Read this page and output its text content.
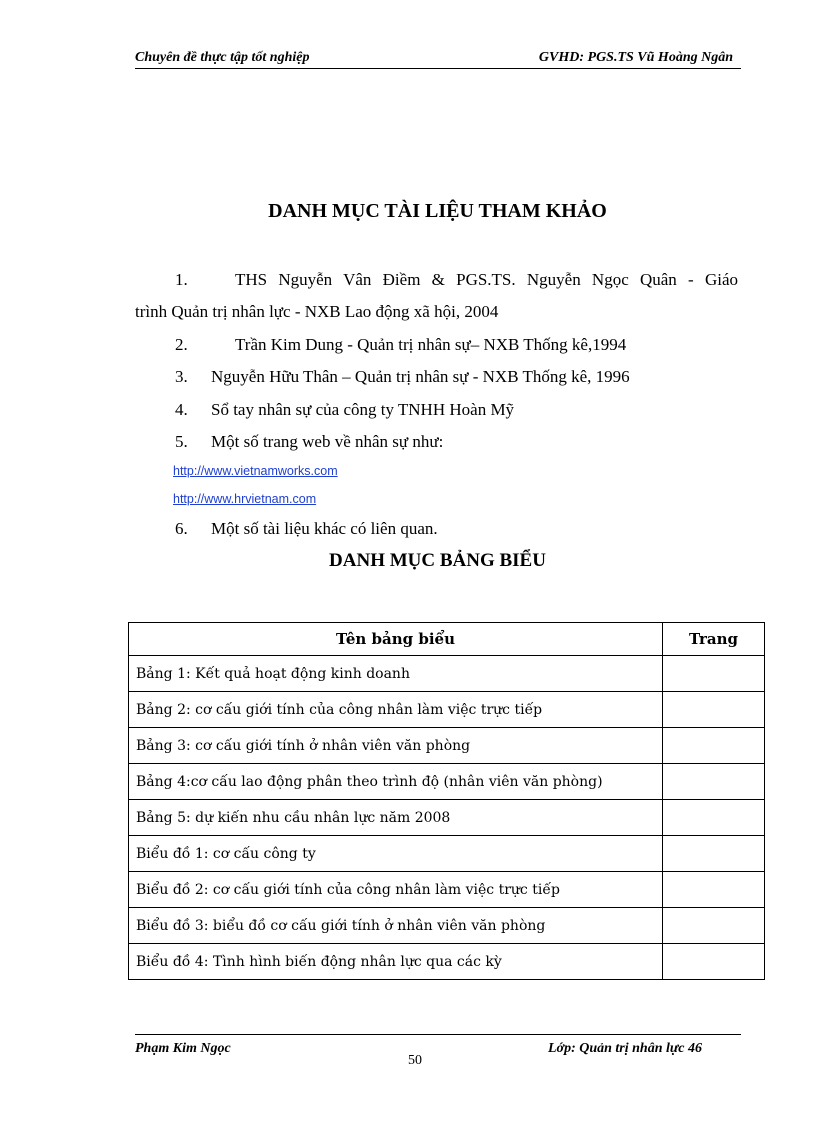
Chuyên đề thực tập tốt nghiệp	GVHD: PGS.TS Vũ Hoàng Ngân
DANH MỤC TÀI LIỆU THAM KHẢO
1.	THS Nguyễn Vân Điềm & PGS.TS. Nguyễn Ngọc Quân - Giáo
trình Quản trị nhân lực - NXB Lao động xã hội, 2004
2.	Trần Kim Dung - Quản trị nhân sự– NXB Thống kê,1994
3. Nguyễn Hữu Thân – Quản trị nhân sự - NXB Thống kê, 1996
4. Sổ tay nhân sự của công ty TNHH Hoàn Mỹ
5. Một số trang web về nhân sự như:
http://www.vietnamworks.com
http://www.hrvietnam.com
6. Một số tài liệu khác có liên quan.
DANH MỤC BẢNG BIỂU
Tên bảng biểu	Trang
Bảng 1: Kết quả hoạt động kinh doanh	
Bảng 2: cơ cấu giới tính của công nhân làm việc trực tiếp	
Bảng 3: cơ cấu giới tính ở nhân viên văn phòng	
Bảng 4:cơ cấu lao động phân theo trình độ (nhân viên văn phòng)	
Bảng 5: dự kiến nhu cầu nhân lực năm 2008	
Biểu đồ 1: cơ cấu công ty	
Biểu đồ 2: cơ cấu giới tính của công nhân làm việc trực tiếp	
Biểu đồ 3: biểu đồ cơ cấu giới tính ở nhân viên văn phòng	
Biểu đồ 4: Tình hình biến động nhân lực qua các kỳ	
Phạm Kim Ngọc	Lớp: Quản trị nhân lực 46
50
